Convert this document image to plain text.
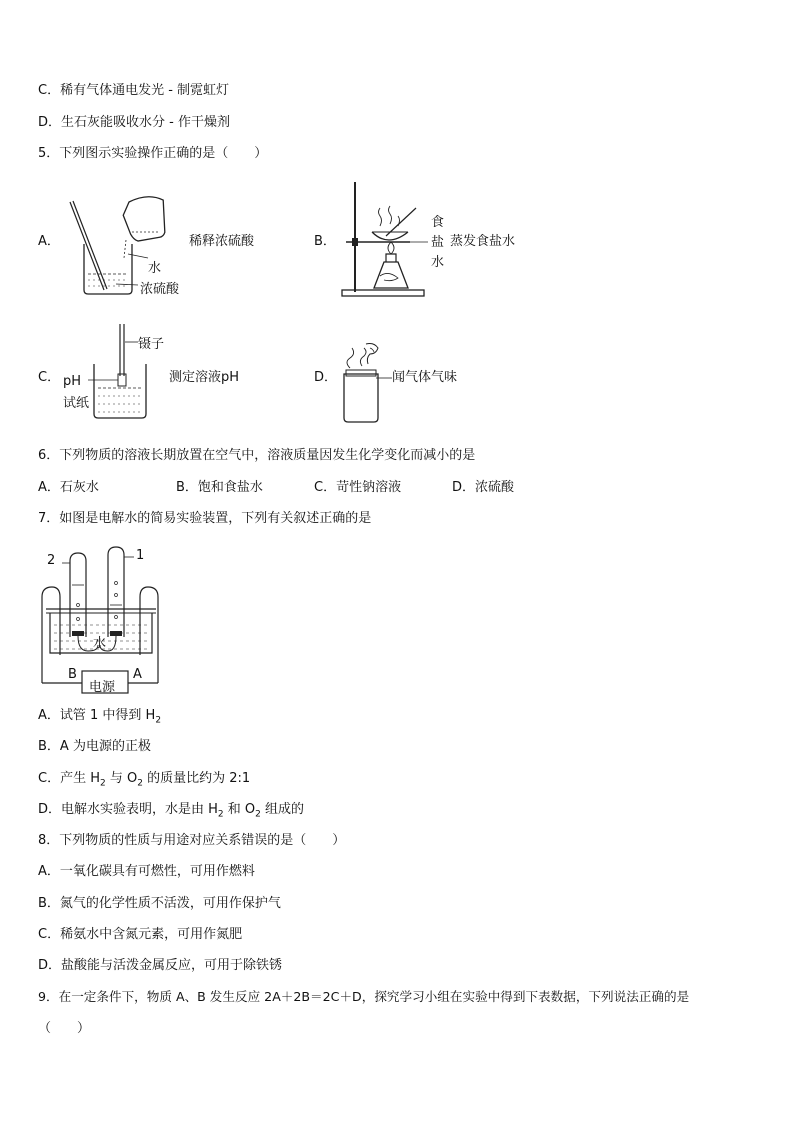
C．稀有气体通电发光 - 制霓虹灯
D．生石灰能吸收水分 - 作干燥剂
5．下列图示实验操作正确的是（　　）
A．
水
浓硫酸
稀释浓硫酸	B．
食
盐
水
蒸发食盐水
C．
镊子
pH
试纸
测定溶液pH	D．	闻气体气味
6．下列物质的溶液长期放置在空气中，溶液质量因发生化学变化而减小的是
A．石灰水	B．饱和食盐水	C．苛性钠溶液	D．浓硫酸
7．如图是电解水的简易实验装置，下列有关叙述正确的是
2	1
水
B	A
电源
A．试管 1 中得到 $H_2$
B．A 为电源的正极
C．产生 $H_2$ 与 $O_2$ 的质量比约为 2:1
D．电解水实验表明，水是由 $H_2$ 和 $O_2$ 组成的
8．下列物质的性质与用途对应关系错误的是（　　）
A．一氧化碳具有可燃性，可用作燃料
B．氮气的化学性质不活泼，可用作保护气
C．稀氨水中含氮元素，可用作氮肥
D．盐酸能与活泼金属反应，可用于除铁锈
9．在一定条件下，物质 A、B 发生反应 2A＋2B＝2C＋D，探究学习小组在实验中得到下表数据，下列说法正确的是
（　　）
